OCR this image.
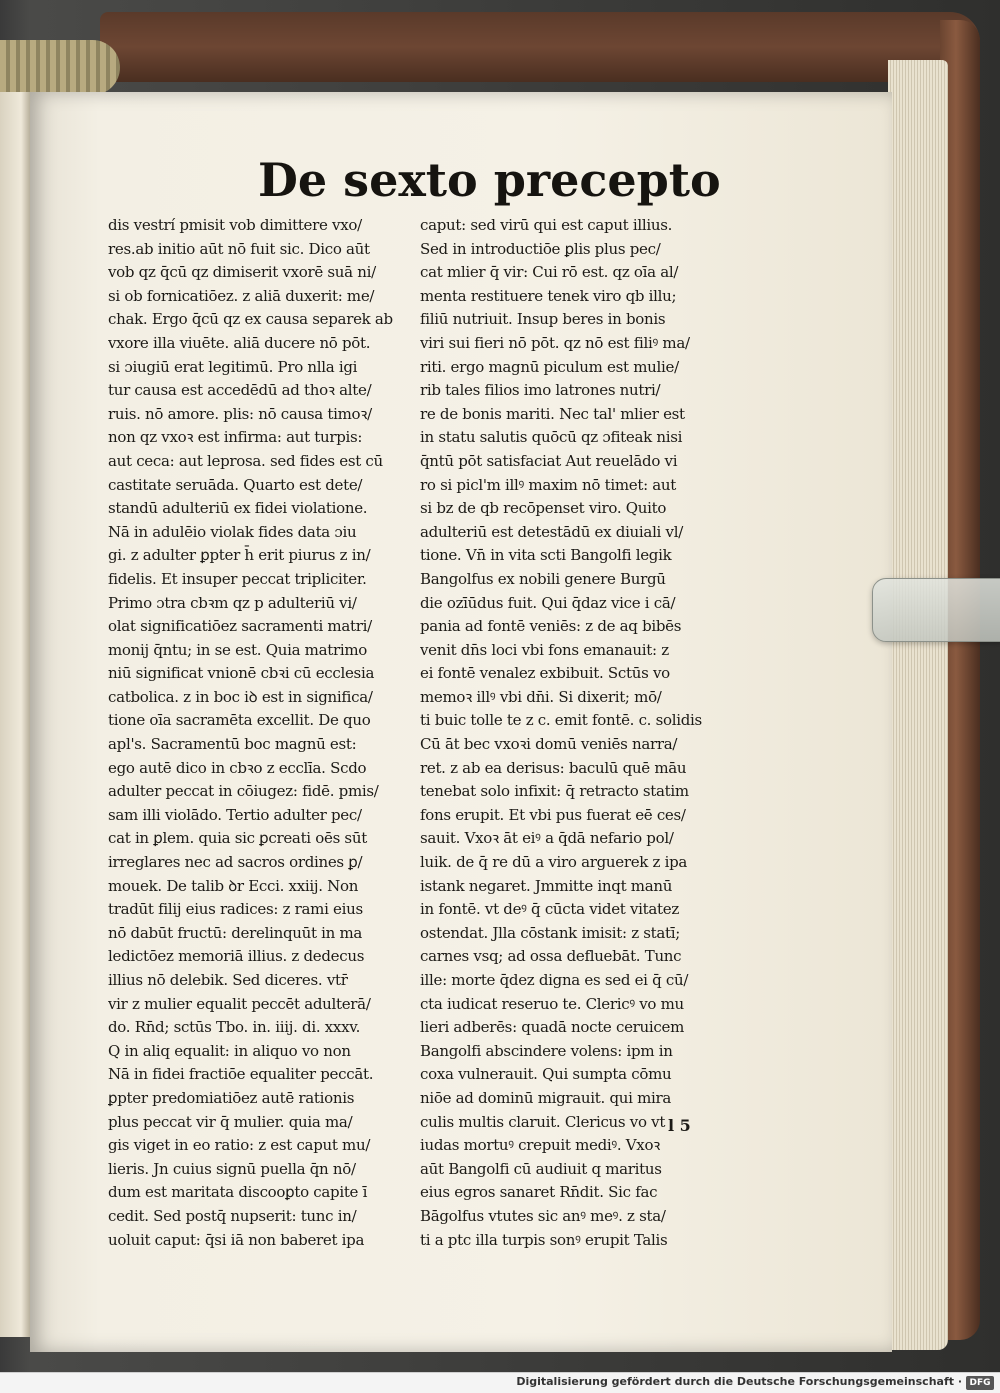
De sexto precepto
dis vestrí pmisit vob dimittere vxo/
res.ab initio aūt nō fuit sic. Dico aūt
vob qz q̄cū qz dimiserit vxorē suā ni/
si ob fornicatiōez. z aliā duxerit: me/
chak. Ergo q̄cū qz ex causa separek ab
vxore illa viuēte. aliā ducere nō pōt.
si ɔiugiū erat legitimū. Pro nlla igi
tur causa est accedēdū ad thoꝛ alte/
ruis. nō amore. plis: nō causa timoꝛ/
non qz vxoꝛ est infirma: aut turpis:
aut ceca: aut leprosa. sed fides est cū
castitate seruāda. Quarto est dete/
standū adulteriū ex fidei violatione.
Nā in adulēio violak fides data ɔiu
gi. z adulter ꝑpter h̄ erit piurus z in/
fidelis. Et insuper peccat tripliciter.
Primo ɔtra cbꝛm qz p adulteriū vi/
olat significatiōez sacramenti matri/
monij q̄ntu; in se est. Quia matrimo
niū significat vnionē cbꝛi cū ecclesia
catbolica. z in boc iꝺ est in significa/
tione oīa sacramēta excellit. De quo
apl's. Sacramentū boc magnū est:
ego autē dico in cbꝛo z ecclīa. Scdo
adulter peccat in cōiugez: fidē. pmis/
sam illi violādo. Tertio adulter pec/
cat in ꝑlem. quia sic ꝑcreati oēs sūt
irreglares nec ad sacros ordines ꝑ/
mouek. De talib ꝺr Ecci. xxiij. Non
tradūt filij eius radices: z rami eius
nō dabūt fructū: derelinquūt in ma
ledictōez memoriā illius. z dedecus
illius nō delebik. Sed diceres. vtr̄
vir z mulier equalit peccēt adulterā/
do. Rn̄d; sctūs Tbo. in. iiij. di. xxxv.
Q in aliq equalit: in aliquo vo non
Nā in fidei fractiōe equaliter peccāt.
ꝑpter predomiatiōez autē rationis
plus peccat vir q̄ mulier. quia ma/
gis viget in eo ratio: z est caput mu/
lieris. Jn cuius signū puella q̄n nō/
dum est maritata discooꝑto capite ī
cedit. Sed postq̄ nupserit: tunc in/
uoluit caput: q̄si iā non baberet ipa
caput: sed virū qui est caput illius.
Sed in introductiōe ꝑlis plus pec/
cat mlier q̄ vir: Cui rō est. qz oīa al/
menta restituere tenek viro qb illu;
filiū nutriuit. Insup beres in bonis
viri sui fieri nō pōt. qz nō est filiꝰ ma/
riti. ergo magnū piculum est mulie/
rib tales filios imo latrones nutri/
re de bonis mariti. Nec tal' mlier est
in statu salutis quōcū qz ɔfiteak nisi
q̄ntū pōt satisfaciat Aut reuelādo vi
ro si picl'm illꝰ maxim nō timet: aut
si bz de qb recōpenset viro. Quito
adulteriū est detestādū ex diuiali vl/
tione. Vn̄ in vita scti Bangolfi legik
Bangolfus ex nobili genere Burgū
die ozīūdus fuit. Qui q̄daz vice i cā/
pania ad fontē veniēs: z de aq bibēs
venit dn̄s loci vbi fons emanauit: z
ei fontē venalez exbibuit. Sctūs vo
memoꝛ illꝰ vbi dn̄i. Si dixerit; mō/
ti buic tolle te z c. emit fontē. c. solidis
Cū āt bec vxoꝛi domū veniēs narra/
ret. z ab ea derisus: baculū quē māu
tenebat solo infixit: q̄ retracto statim
fons erupit. Et vbi pus fuerat eē ces/
sauit. Vxoꝛ āt eiꝰ a q̄dā nefario pol/
luik. de q̄ re dū a viro arguerek z ipa
istank negaret. Jmmitte inqt manū
in fontē. vt deꝰ q̄ cūcta videt vitatez
ostendat. Jlla cōstank imisit: z statī;
carnes vsq; ad ossa defluebāt. Tunc
ille: morte q̄dez digna es sed ei q̄ cū/
cta iudicat reseruo te. Clericꝰ vo mu
lieri adberēs: quadā nocte ceruicem
Bangolfi abscindere volens: ipm in
coxa vulnerauit. Qui sumpta cōmu
niōe ad dominū migrauit. qui mira
culis multis claruit. Clericus vo vt
iudas mortuꝰ crepuit mediꝰ. Vxoꝛ
aūt Bangolfi cū audiuit q maritus
eius egros sanaret Rn̄dit. Sic fac
Bāgolfus vtutes sic anꝰ meꝰ. z sta/
ti a ptc illa turpis sonꝰ erupit Talis
l 5
Digitalisierung gefördert durch die Deutsche Forschungsgemeinschaft · DFG
